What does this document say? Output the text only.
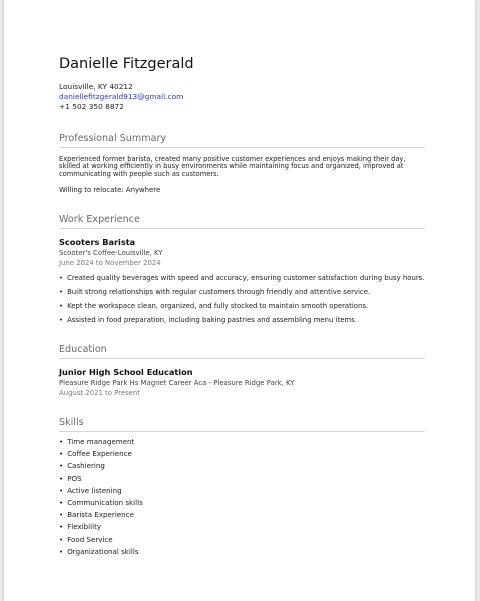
Danielle Fitzgerald
Louisville, KY 40212
daniellefitzgerald913@gmail.com
+1 502 350 8872
Professional Summary
Experienced former barista, created many positive customer experiences and enjoys making their day, skilled at working efficiently in busy environments while maintaining focus and organized, improved at communicating with people such as customers.
Willing to relocate: Anywhere
Work Experience
Scooters Barista
Scooter's Coffee-Louisville, KY
June 2024 to November 2024
• Created quality beverages with speed and accuracy, ensuring customer satisfaction during busy hours.
• Built strong relationships with regular customers through friendly and attentive service.
• Kept the workspace clean, organized, and fully stocked to maintain smooth operations.
• Assisted in food preparation, including baking pastries and assembling menu items.
Education
Junior High School Education
Pleasure Ridge Park Hs Magnet Career Aca - Pleasure Ridge Park, KY
August 2021 to Present
Skills
• Time management
• Coffee Experience
• Cashiering
• POS
• Active listening
• Communication skills
• Barista Experience
• Flexibility
• Food Service
• Organizational skills
